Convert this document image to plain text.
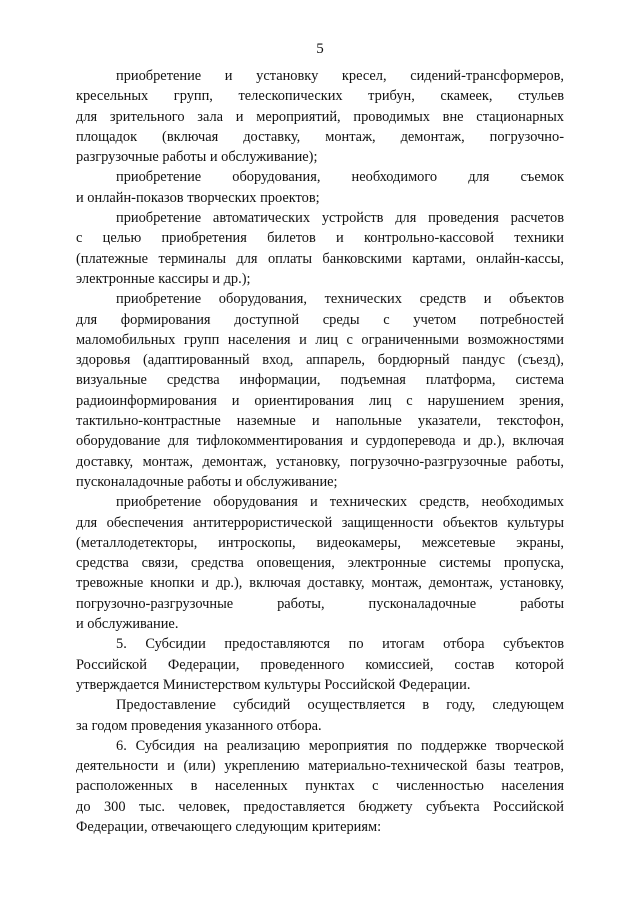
5
приобретение и установку кресел, сидений-трансформеров,
кресельных групп, телескопических трибун, скамеек, стульев
для зрительного зала и мероприятий, проводимых вне стационарных
площадок (включая доставку, монтаж, демонтаж, погрузочно-
разгрузочные работы и обслуживание);
приобретение оборудования, необходимого для съемок
и онлайн-показов творческих проектов;
приобретение автоматических устройств для проведения расчетов
с целью приобретения билетов и контрольно-кассовой техники
(платежные терминалы для оплаты банковскими картами, онлайн-кассы,
электронные кассиры и др.);
приобретение оборудования, технических средств и объектов
для формирования доступной среды с учетом потребностей
маломобильных групп населения и лиц с ограниченными возможностями
здоровья (адаптированный вход, аппарель, бордюрный пандус (съезд),
визуальные средства информации, подъемная платформа, система
радиоинформирования и ориентирования лиц с нарушением зрения,
тактильно-контрастные наземные и напольные указатели, текстофон,
оборудование для тифлокомментирования и сурдоперевода и др.), включая
доставку, монтаж, демонтаж, установку, погрузочно-разгрузочные работы,
пусконаладочные работы и обслуживание;
приобретение оборудования и технических средств, необходимых
для обеспечения антитеррористической защищенности объектов культуры
(металлодетекторы, интроскопы, видеокамеры, межсетевые экраны,
средства связи, средства оповещения, электронные системы пропуска,
тревожные кнопки и др.), включая доставку, монтаж, демонтаж, установку,
погрузочно-разгрузочные работы, пусконаладочные работы
и обслуживание.
5. Субсидии предоставляются по итогам отбора субъектов
Российской Федерации, проведенного комиссией, состав которой
утверждается Министерством культуры Российской Федерации.
Предоставление субсидий осуществляется в году, следующем
за годом проведения указанного отбора.
6. Субсидия на реализацию мероприятия по поддержке творческой
деятельности и (или) укреплению материально-технической базы театров,
расположенных в населенных пунктах с численностью населения
до 300 тыс. человек, предоставляется бюджету субъекта Российской
Федерации, отвечающего следующим критериям:
